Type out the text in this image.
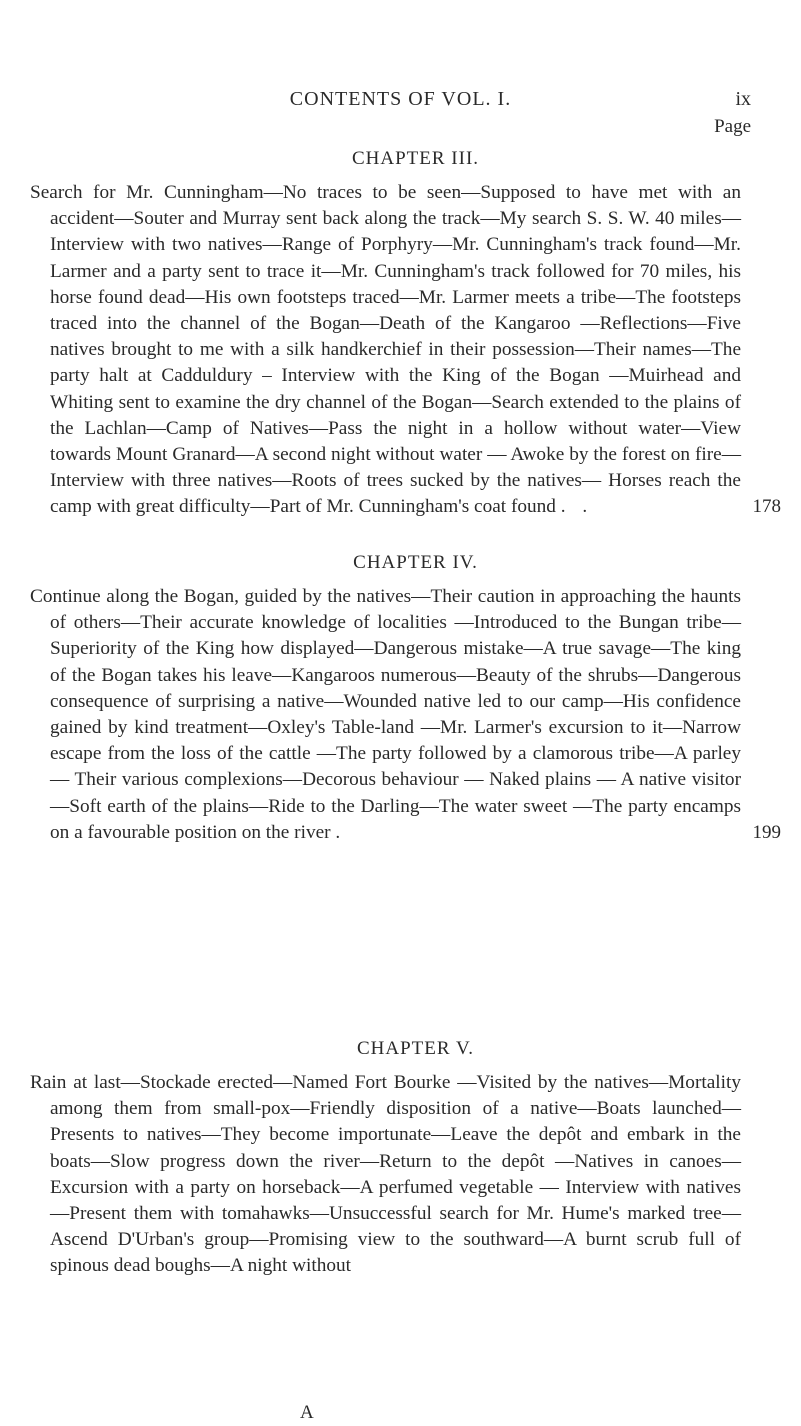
CONTENTS OF VOL. I.	ix
Page
CHAPTER III.
Search for Mr. Cunningham—No traces to be seen—Supposed to have met with an accident—Souter and Murray sent back along the track—My search S. S. W. 40 miles—Interview with two natives—Range of Porphyry—Mr. Cunningham's track found—Mr. Larmer and a party sent to trace it—Mr. Cunningham's track followed for 70 miles, his horse found dead—His own footsteps traced—Mr. Larmer meets a tribe—The footsteps traced into the channel of the Bogan—Death of the Kangaroo —Reflections—Five natives brought to me with a silk handkerchief in their possession—Their names—The party halt at Cadduldury – Interview with the King of the Bogan —Muirhead and Whiting sent to examine the dry channel of the Bogan—Search extended to the plains of the Lachlan—Camp of Natives—Pass the night in a hollow without water—View towards Mount Granard—A second night without water — Awoke by the forest on fire—Interview with three natives—Roots of trees sucked by the natives— Horses reach the camp with great difficulty—Part of Mr. Cunningham's coat found . .	178
CHAPTER IV.
Continue along the Bogan, guided by the natives—Their caution in approaching the haunts of others—Their accurate knowledge of localities —Introduced to the Bungan tribe—Superiority of the King how displayed—Dangerous mistake—A true savage—The king of the Bogan takes his leave—Kangaroos numerous—Beauty of the shrubs—Dangerous consequence of surprising a native—Wounded native led to our camp—His confidence gained by kind treatment—Oxley's Table-land —Mr. Larmer's excursion to it—Narrow escape from the loss of the cattle —The party followed by a clamorous tribe—A parley — Their various complexions—Decorous behaviour — Naked plains — A native visitor—Soft earth of the plains—Ride to the Darling—The water sweet —The party encamps on a favourable position on the river .	199
CHAPTER V.
Rain at last—Stockade erected—Named Fort Bourke —Visited by the natives—Mortality among them from small-pox—Friendly disposition of a native—Boats launched—Presents to natives—They become importunate—Leave the depôt and embark in the boats—Slow progress down the river—Return to the depôt —Natives in canoes— Excursion with a party on horseback—A perfumed vegetable — Interview with natives—Present them with tomahawks—Unsuccessful search for Mr. Hume's marked tree—Ascend D'Urban's group—Promising view to the southward—A burnt scrub full of spinous dead boughs—A night without
A
